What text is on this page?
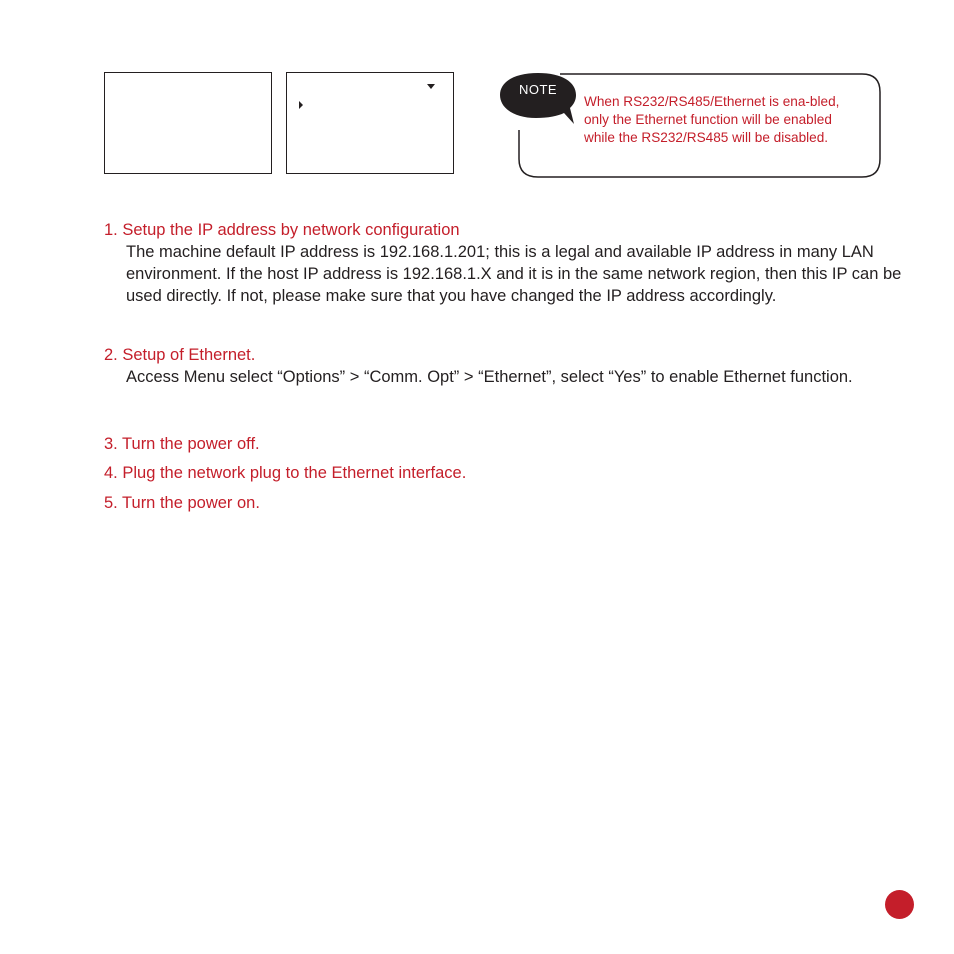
NOTE
When RS232/RS485/Ethernet is ena-bled, only the Ethernet function will be enabled while the RS232/RS485 will be disabled.
1. Setup the IP address by network configuration
The machine default IP address is 192.168.1.201; this is a legal and available IP address in many LAN environment. If the host IP address is 192.168.1.X and it is in the same network region, then this IP can be used directly. If not, please make sure that you have changed the IP address accordingly.
2. Setup of Ethernet.
Access Menu select “Options” > “Comm. Opt” > “Ethernet”, select “Yes” to enable Ethernet function.
3. Turn the power off.
4. Plug the network plug to the Ethernet interface.
5. Turn the power on.
